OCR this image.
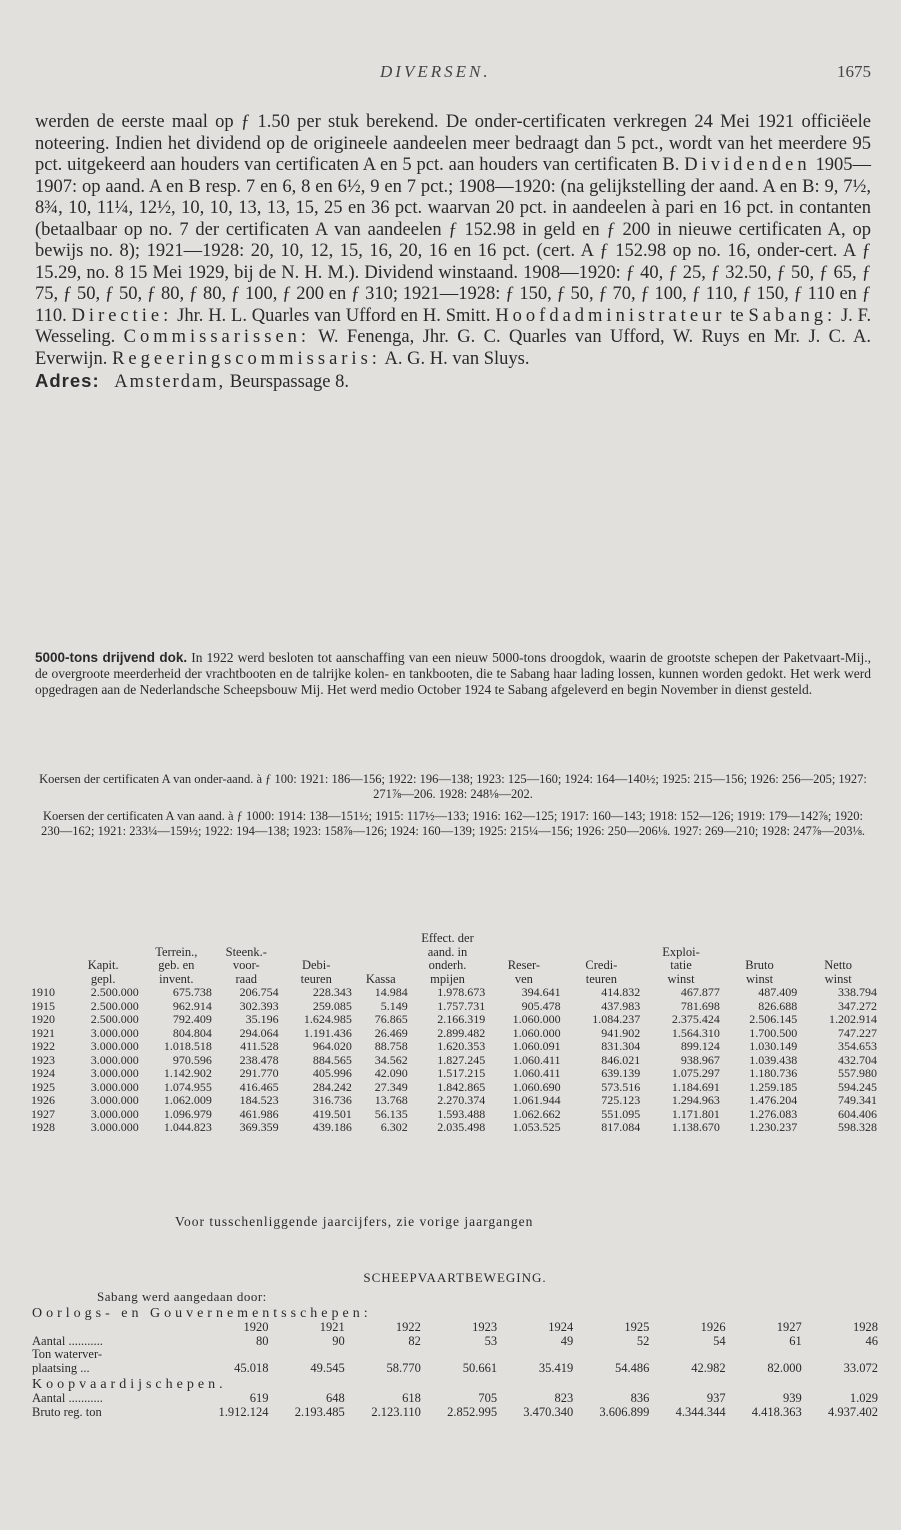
DIVERSEN.	1675

werden de eerste maal op ƒ 1.50 per stuk berekend. De onder-certificaten verkregen 24 Mei 1921 officiëele noteering. Indien het dividend op de origineele aandeelen meer bedraagt dan 5 pct., wordt van het meerdere 95 pct. uitgekeerd aan houders van certificaten A en 5 pct. aan houders van certificaten B. Dividenden 1905—1907: op aand. A en B resp. 7 en 6, 8 en 6½, 9 en 7 pct.; 1908—1920: (na gelijkstelling der aand. A en B: 9, 7½, 8¾, 10, 11¼, 12½, 10, 10, 13, 13, 15, 25 en 36 pct. waarvan 20 pct. in aandeelen à pari en 16 pct. in contanten (betaalbaar op no. 7 der certificaten A van aandeelen ƒ 152.98 in geld en ƒ 200 in nieuwe certificaten A, op bewijs no. 8); 1921—1928: 20, 10, 12, 15, 16, 20, 16 en 16 pct. (cert. A ƒ 152.98 op no. 16, onder-cert. A ƒ 15.29, no. 8 15 Mei 1929, bij de N. H. M.). Dividend winstaand. 1908—1920: ƒ 40, ƒ 25, ƒ 32.50, ƒ 50, ƒ 65, ƒ 75, ƒ 50, ƒ 50, ƒ 80, ƒ 80, ƒ 100, ƒ 200 en ƒ 310; 1921—1928: ƒ 150, ƒ 50, ƒ 70, ƒ 100, ƒ 110, ƒ 150, ƒ 110 en ƒ 110. Directie: Jhr. H. L. Quarles van Ufford en H. Smitt. Hoofdadministrateur te Sabang: J. F. Wesseling. Commissarissen: W. Fenenga, Jhr. G. C. Quarles van Ufford, W. Ruys en Mr. J. C. A. Everwijn. Regeeringscommissaris: A. G. H. van Sluys.

Adres: Amsterdam, Beurspassage 8.

5000-tons drijvend dok. In 1922 werd besloten tot aanschaffing van een nieuw 5000-tons droogdok, waarin de grootste schepen der Paketvaart-Mij., de overgroote meerderheid der vrachtbooten en de talrijke kolen- en tankbooten, die te Sabang haar lading lossen, kunnen worden gedokt. Het werk werd opgedragen aan de Nederlandsche Scheepsbouw Mij. Het werd medio October 1924 te Sabang afgeleverd en begin November in dienst gesteld.

Koersen der certificaten A van onder-aand. à ƒ 100: 1921: 186—156; 1922: 196—138; 1923: 125—160; 1924: 164—140½; 1925: 215—156; 1926: 256—205; 1927: 271⅞—206. 1928: 248⅛—202.

Koersen der certificaten A van aand. à ƒ 1000: 1914: 138—151½; 1915: 117½—133; 1916: 162—125; 1917: 160—143; 1918: 152—126; 1919: 179—142⅞; 1920: 230—162; 1921: 233¼—159½; 1922: 194—138; 1923: 158⅞—126; 1924: 160—139; 1925: 215¼—156; 1926: 250—206⅛. 1927: 269—210; 1928: 247⅞—203⅛.

						Effect. der					
		Terrein.,	Steenk.-			aand. in			Exploi-		
	Kapit.	geb. en	voor-	Debi-		onderh.	Reser-	Credi-	tatie	Bruto	Netto
	gepl.	invent.	raad	teuren	Kassa	mpijen	ven	teuren	winst	winst	winst
1910	2.500.000	675.738	206.754	228.343	14.984	1.978.673	394.641	414.832	467.877	487.409	338.794
1915	2.500.000	962.914	302.393	259.085	5.149	1.757.731	905.478	437.983	781.698	826.688	347.272
1920	2.500.000	792.409	35.196	1.624.985	76.865	2.166.319	1.060.000	1.084.237	2.375.424	2.506.145	1.202.914
1921	3.000.000	804.804	294.064	1.191.436	26.469	2.899.482	1.060.000	941.902	1.564.310	1.700.500	747.227
1922	3.000.000	1.018.518	411.528	964.020	88.758	1.620.353	1.060.091	831.304	899.124	1.030.149	354.653
1923	3.000.000	970.596	238.478	884.565	34.562	1.827.245	1.060.411	846.021	938.967	1.039.438	432.704
1924	3.000.000	1.142.902	291.770	405.996	42.090	1.517.215	1.060.411	639.139	1.075.297	1.180.736	557.980
1925	3.000.000	1.074.955	416.465	284.242	27.349	1.842.865	1.060.690	573.516	1.184.691	1.259.185	594.245
1926	3.000.000	1.062.009	184.523	316.736	13.768	2.270.374	1.061.944	725.123	1.294.963	1.476.204	749.341
1927	3.000.000	1.096.979	461.986	419.501	56.135	1.593.488	1.062.662	551.095	1.171.801	1.276.083	604.406
1928	3.000.000	1.044.823	369.359	439.186	6.302	2.035.498	1.053.525	817.084	1.138.670	1.230.237	598.328
Voor tusschenliggende jaarcijfers, zie vorige jaargangen

SCHEEPVAARTBEWEGING.

Sabang werd aangedaan door:

Oorlogs- en Gouvernementsschepen:

	1920	1921	1922	1923	1924	1925	1926	1927	1928
Aantal ...........	80	90	82	53	49	52	54	61	46
Ton waterver-									
plaatsing ...	45.018	49.545	58.770	50.661	35.419	54.486	42.982	82.000	33.072

Koopvaardijschepen.

Aantal ...........	619	648	618	705	823	836	937	939	1.029
Bruto reg. ton	1.912.124	2.193.485	2.123.110	2.852.995	3.470.340	3.606.899	4.344.344	4.418.363	4.937.402
